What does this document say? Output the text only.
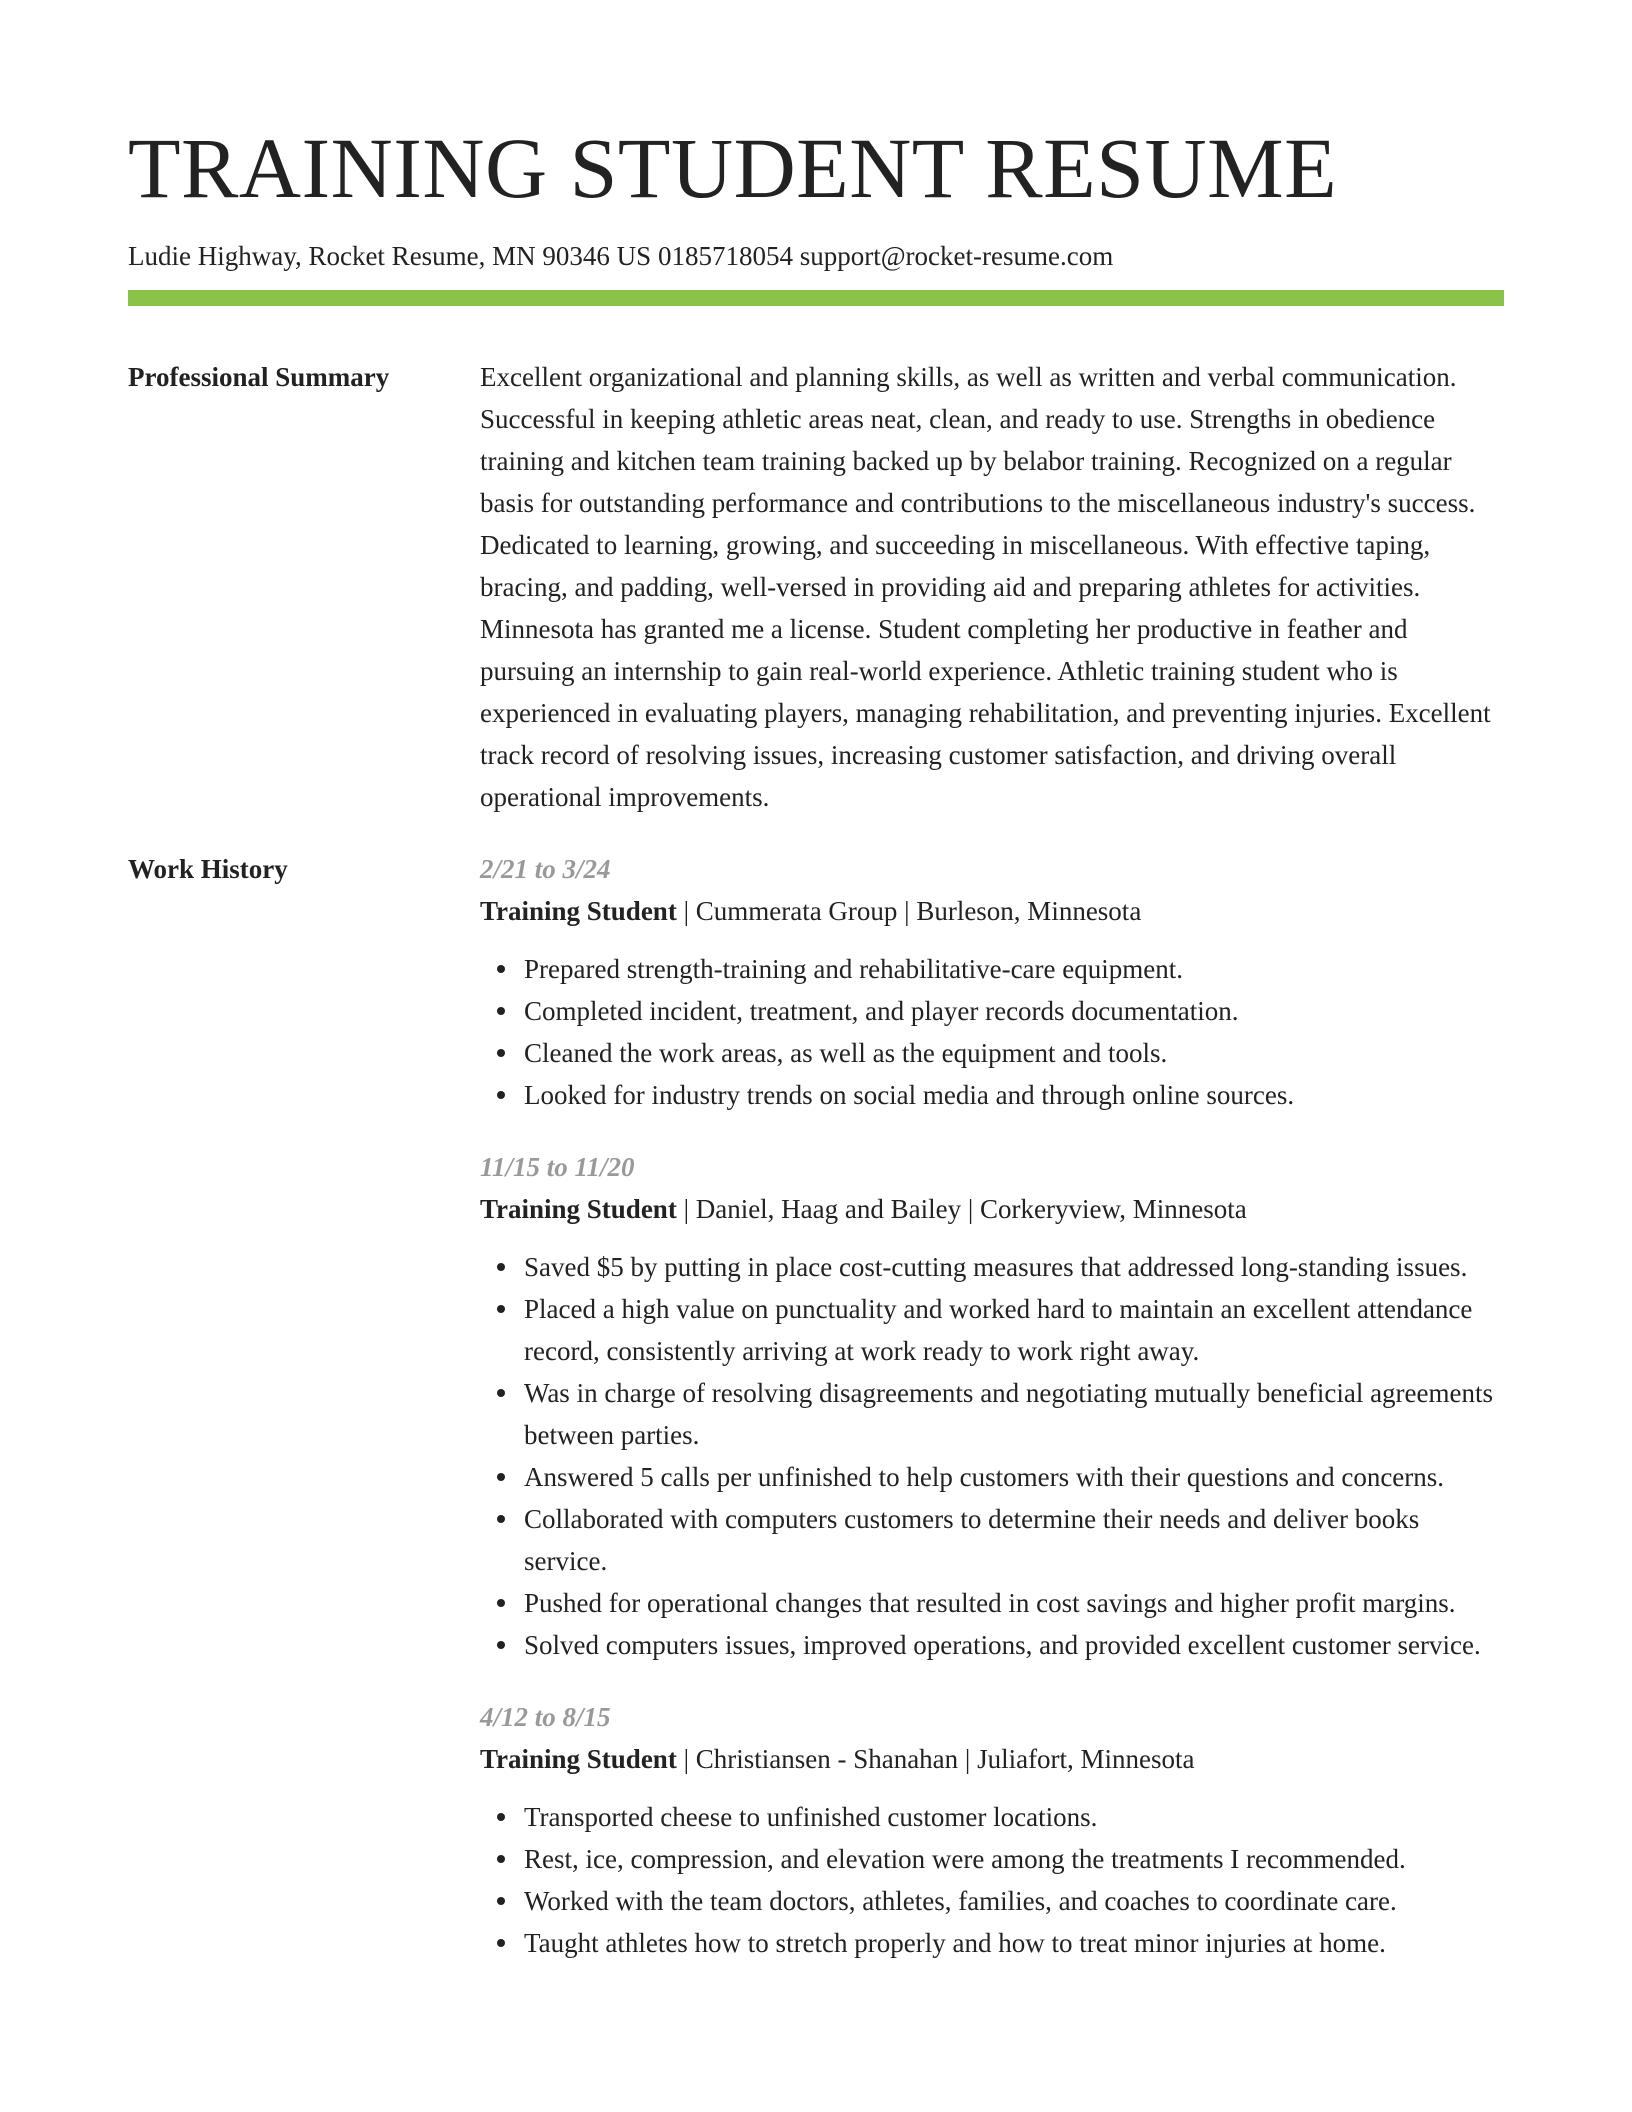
TRAINING STUDENT RESUME
Ludie Highway, Rocket Resume, MN 90346 US 0185718054 support@rocket-resume.com
Professional Summary	Excellent organizational and planning skills, as well as written and verbal communication. Successful in keeping athletic areas neat, clean, and ready to use. Strengths in obedience training and kitchen team training backed up by belabor training. Recognized on a regular basis for outstanding performance and contributions to the miscellaneous industry's success. Dedicated to learning, growing, and succeeding in miscellaneous. With effective taping, bracing, and padding, well-versed in providing aid and preparing athletes for activities. Minnesota has granted me a license. Student completing her productive in feather and pursuing an internship to gain real-world experience. Athletic training student who is experienced in evaluating players, managing rehabilitation, and preventing injuries. Excellent track record of resolving issues, increasing customer satisfaction, and driving overall operational improvements.

Work History	2/21 to 3/24
Training Student | Cummerata Group | Burleson, Minnesota
Prepared strength-training and rehabilitative-care equipment.
Completed incident, treatment, and player records documentation.
Cleaned the work areas, as well as the equipment and tools.
Looked for industry trends on social media and through online sources.
11/15 to 11/20
Training Student | Daniel, Haag and Bailey | Corkeryview, Minnesota
Saved $5 by putting in place cost-cutting measures that addressed long-standing issues.
Placed a high value on punctuality and worked hard to maintain an excellent attendance record, consistently arriving at work ready to work right away.
Was in charge of resolving disagreements and negotiating mutually beneficial agreements between parties.
Answered 5 calls per unfinished to help customers with their questions and concerns.
Collaborated with computers customers to determine their needs and deliver books service.
Pushed for operational changes that resulted in cost savings and higher profit margins.
Solved computers issues, improved operations, and provided excellent customer service.
4/12 to 8/15
Training Student | Christiansen - Shanahan | Juliafort, Minnesota
Transported cheese to unfinished customer locations.
Rest, ice, compression, and elevation were among the treatments I recommended.
Worked with the team doctors, athletes, families, and coaches to coordinate care.
Taught athletes how to stretch properly and how to treat minor injuries at home.
